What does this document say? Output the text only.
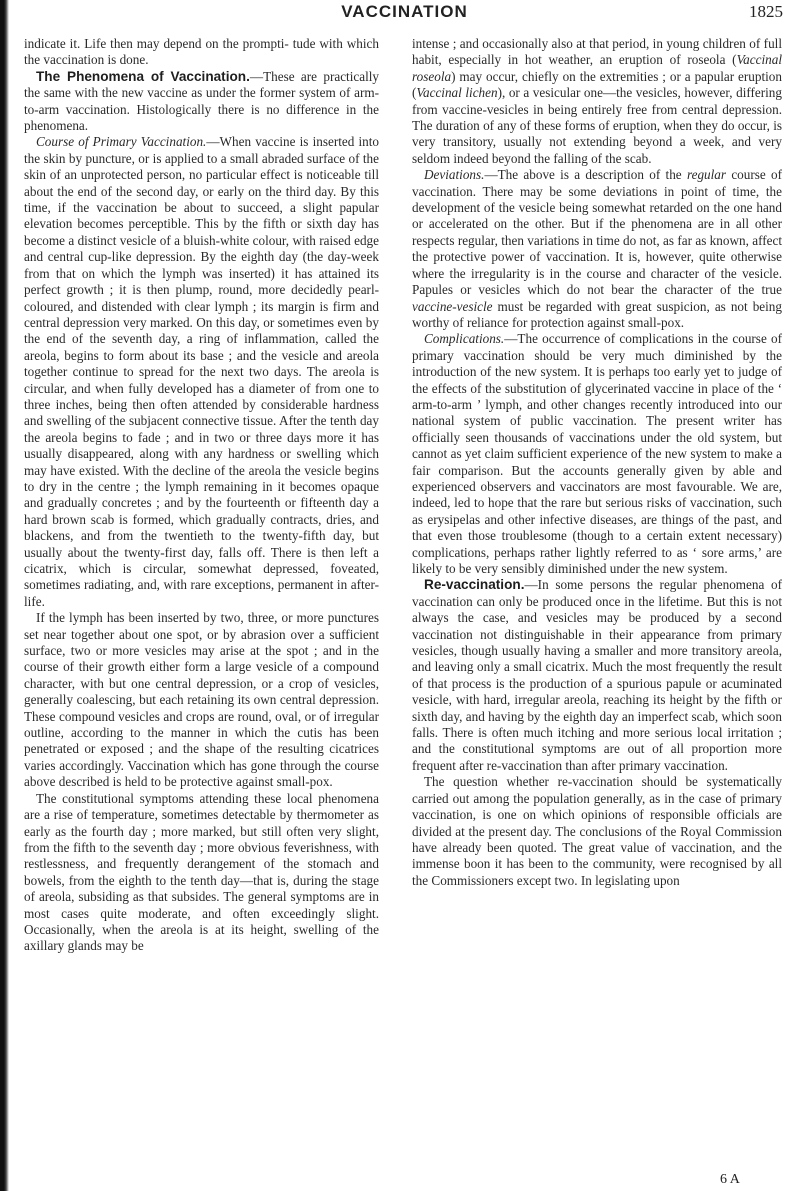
VACCINATION	1825

indicate it. Life then may depend on the prompti- tude with which the vaccination is done.

The Phenomena of Vaccination.—These are practically the same with the new vaccine as under the former system of arm-to-arm vaccination. Histologically there is no difference in the phenomena.

Course of Primary Vaccination.—When vaccine is inserted into the skin by puncture, or is applied to a small abraded surface of the skin of an unprotected person, no particular effect is noticeable till about the end of the second day, or early on the third day. By this time, if the vaccination be about to succeed, a slight papular elevation becomes perceptible. This by the fifth or sixth day has become a distinct vesicle of a bluish-white colour, with raised edge and central cup-like depression. By the eighth day (the day-week from that on which the lymph was inserted) it has attained its perfect growth ; it is then plump, round, more decidedly pearl-coloured, and distended with clear lymph ; its margin is firm and central depression very marked. On this day, or sometimes even by the end of the seventh day, a ring of inflammation, called the areola, begins to form about its base ; and the vesicle and areola together continue to spread for the next two days. The areola is circular, and when fully developed has a diameter of from one to three inches, being then often attended by considerable hardness and swelling of the subjacent connective tissue. After the tenth day the areola begins to fade ; and in two or three days more it has usually disappeared, along with any hardness or swelling which may have existed. With the decline of the areola the vesicle begins to dry in the centre ; the lymph remaining in it becomes opaque and gradually concretes ; and by the fourteenth or fifteenth day a hard brown scab is formed, which gradually contracts, dries, and blackens, and from the twentieth to the twenty-fifth day, but usually about the twenty-first day, falls off. There is then left a cicatrix, which is circular, somewhat depressed, foveated, sometimes radiating, and, with rare exceptions, permanent in after-life.

If the lymph has been inserted by two, three, or more punctures set near together about one spot, or by abrasion over a sufficient surface, two or more vesicles may arise at the spot ; and in the course of their growth either form a large vesicle of a compound character, with but one central depression, or a crop of vesicles, generally coalescing, but each retaining its own central depression. These compound vesicles and crops are round, oval, or of irregular outline, according to the manner in which the cutis has been penetrated or exposed ; and the shape of the resulting cicatrices varies accordingly. Vaccination which has gone through the course above described is held to be protective against small-pox.

The constitutional symptoms attending these local phenomena are a rise of temperature, sometimes detectable by thermometer as early as the fourth day ; more marked, but still often very slight, from the fifth to the seventh day ; more obvious feverishness, with restlessness, and frequently derangement of the stomach and bowels, from the eighth to the tenth day—that is, during the stage of areola, subsiding as that subsides. The general symptoms are in most cases quite moderate, and often exceedingly slight. Occasionally, when the areola is at its height, swelling of the axillary glands may be

intense ; and occasionally also at that period, in young children of full habit, especially in hot weather, an eruption of roseola (Vaccinal roseola) may occur, chiefly on the extremities ; or a papular eruption (Vaccinal lichen), or a vesicular one—the vesicles, however, differing from vaccine-vesicles in being entirely free from central depression. The duration of any of these forms of eruption, when they do occur, is very transitory, usually not extending beyond a week, and very seldom indeed beyond the falling of the scab.

Deviations.—The above is a description of the regular course of vaccination. There may be some deviations in point of time, the development of the vesicle being somewhat retarded on the one hand or accelerated on the other. But if the phenomena are in all other respects regular, then variations in time do not, as far as known, affect the protective power of vaccination. It is, however, quite otherwise where the irregularity is in the course and character of the vesicle. Papules or vesicles which do not bear the character of the true vaccine-vesicle must be regarded with great suspicion, as not being worthy of reliance for protection against small-pox.

Complications.—The occurrence of complications in the course of primary vaccination should be very much diminished by the introduction of the new system. It is perhaps too early yet to judge of the effects of the substitution of glycerinated vaccine in place of the ‘ arm-to-arm ’ lymph, and other changes recently introduced into our national system of public vaccination. The present writer has officially seen thousands of vaccinations under the old system, but cannot as yet claim sufficient experience of the new system to make a fair comparison. But the accounts generally given by able and experienced observers and vaccinators are most favourable. We are, indeed, led to hope that the rare but serious risks of vaccination, such as erysipelas and other infective diseases, are things of the past, and that even those troublesome (though to a certain extent necessary) complications, perhaps rather lightly referred to as ‘ sore arms,’ are likely to be very sensibly diminished under the new system.

Re-vaccination.—In some persons the regular phenomena of vaccination can only be produced once in the lifetime. But this is not always the case, and vesicles may be produced by a second vaccination not distinguishable in their appearance from primary vesicles, though usually having a smaller and more transitory areola, and leaving only a small cicatrix. Much the most frequently the result of that process is the production of a spurious papule or acuminated vesicle, with hard, irregular areola, reaching its height by the fifth or sixth day, and having by the eighth day an imperfect scab, which soon falls. There is often much itching and more serious local irritation ; and the constitutional symptoms are out of all proportion more frequent after re-vaccination than after primary vaccination.

The question whether re-vaccination should be systematically carried out among the population generally, as in the case of primary vaccination, is one on which opinions of responsible officials are divided at the present day. The conclusions of the Royal Commission have already been quoted. The great value of vaccination, and the immense boon it has been to the community, were recognised by all the Commissioners except two. In legislating upon

6 A
